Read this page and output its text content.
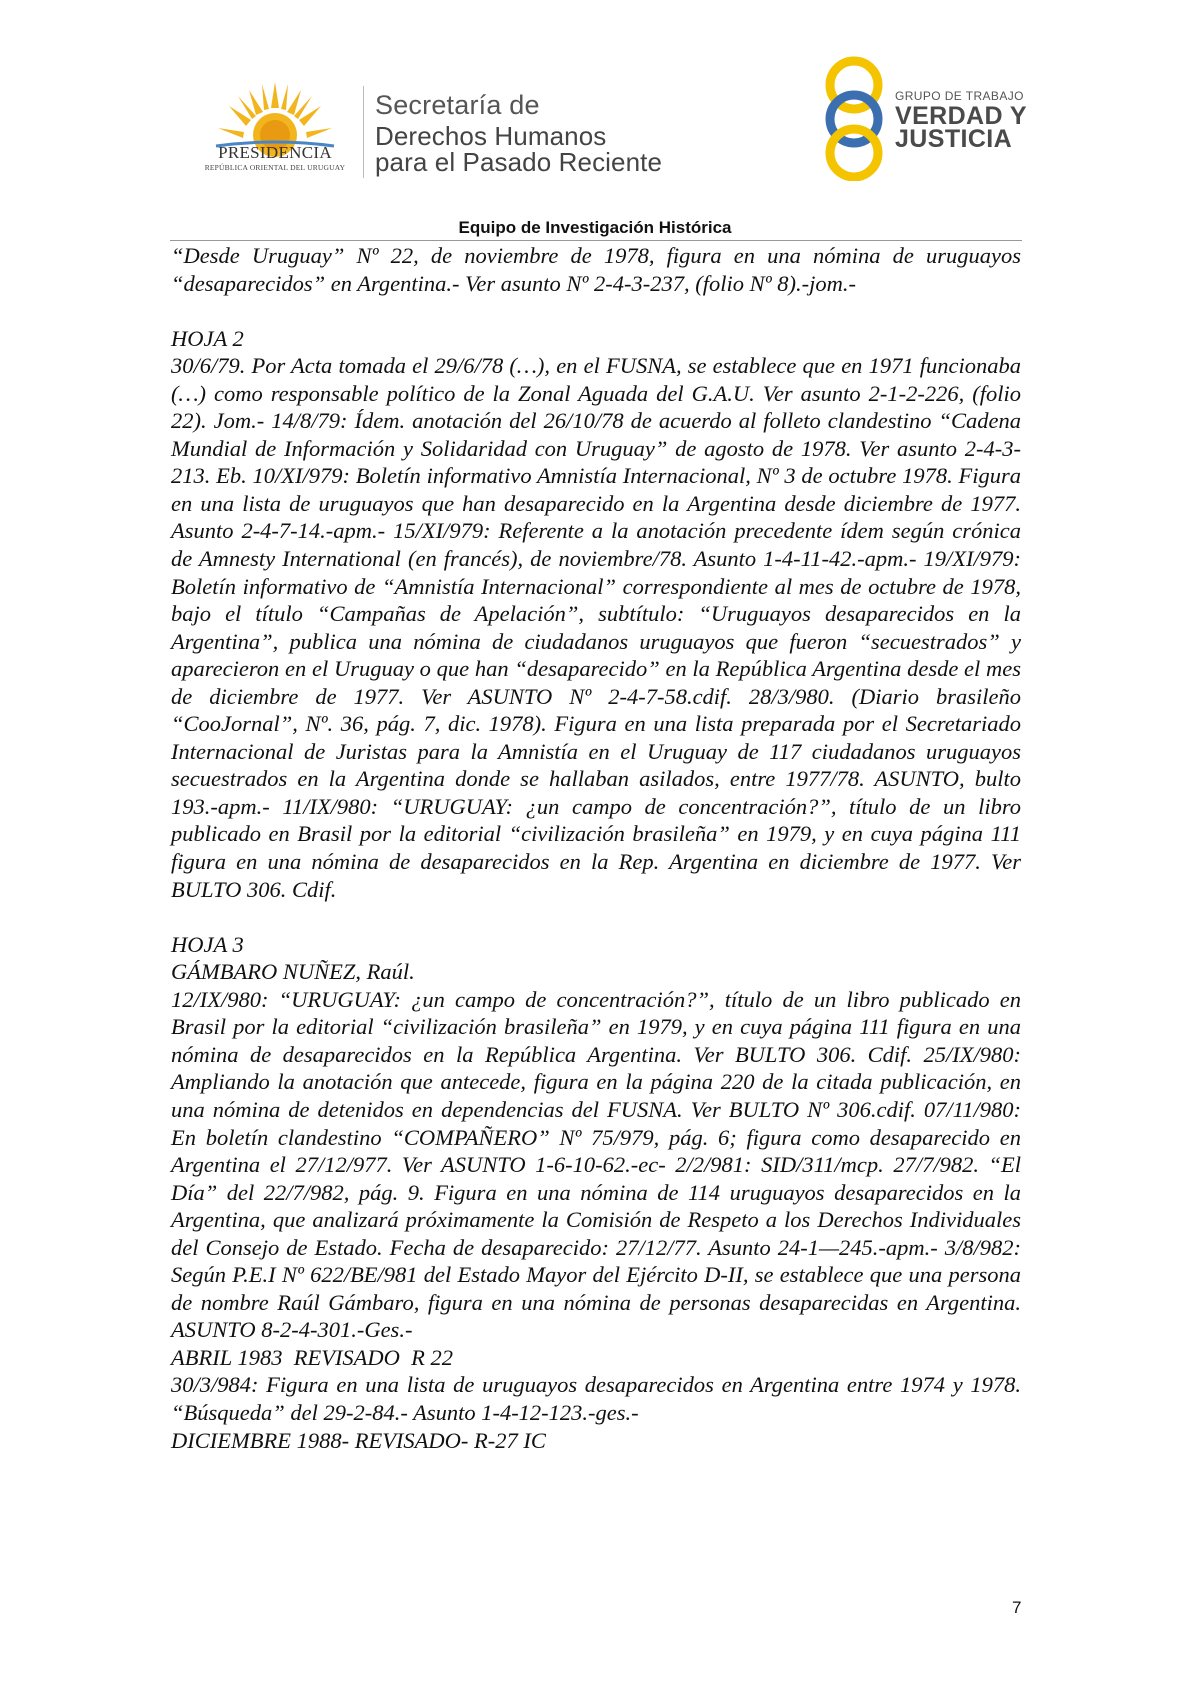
PRESIDENCIA
REPÚBLICA ORIENTAL DEL URUGUAY
Secretaría de
Derechos Humanos
para el Pasado Reciente
GRUPO DE TRABAJO
VERDAD Y
JUSTICIA
Equipo de Investigación Histórica

“Desde Uruguay” Nº 22, de noviembre de 1978, figura en una nómina de uruguayos “desaparecidos” en Argentina.- Ver asunto Nº 2-4-3-237, (folio Nº 8).-jom.-

HOJA 2

30/6/79. Por Acta tomada el 29/6/78 (…), en el FUSNA, se establece que en 1971 funcionaba (…) como responsable político de la Zonal Aguada del G.A.U. Ver asunto 2-1-2-226, (folio 22). Jom.- 14/8/79: Ídem. anotación del 26/10/78 de acuerdo al folleto clandestino “Cadena Mundial de Información y Solidaridad con Uruguay” de agosto de 1978. Ver asunto 2-4-3-213. Eb. 10/XI/979: Boletín informativo Amnistía Internacional, Nº 3 de octubre 1978. Figura en una lista de uruguayos que han desaparecido en la Argentina desde diciembre de 1977. Asunto 2-4-7-14.-apm.- 15/XI/979: Referente a la anotación precedente ídem según crónica de Amnesty International (en francés), de noviembre/78. Asunto 1-4-11-42.-apm.- 19/XI/979: Boletín informativo de “Amnistía Internacional” correspondiente al mes de octubre de 1978, bajo el título “Campañas de Apelación”, subtítulo: “Uruguayos desaparecidos en la Argentina”, publica una nómina de ciudadanos uruguayos que fueron “secuestrados” y aparecieron en el Uruguay o que han “desaparecido” en la República Argentina desde el mes de diciembre de 1977. Ver ASUNTO Nº 2-4-7-58.cdif. 28/3/980. (Diario brasileño “CooJornal”, Nº. 36, pág. 7, dic. 1978). Figura en una lista preparada por el Secretariado Internacional de Juristas para la Amnistía en el Uruguay de 117 ciudadanos uruguayos secuestrados en la Argentina donde se hallaban asilados, entre 1977/78. ASUNTO, bulto 193.-apm.- 11/IX/980: “URUGUAY: ¿un campo de concentración?”, título de un libro publicado en Brasil por la editorial “civilización brasileña” en 1979, y en cuya página 111 figura en una nómina de desaparecidos en la Rep. Argentina en diciembre de 1977. Ver BULTO 306. Cdif.

HOJA 3

GÁMBARO NUÑEZ, Raúl.

12/IX/980: “URUGUAY: ¿un campo de concentración?”, título de un libro publicado en Brasil por la editorial “civilización brasileña” en 1979, y en cuya página 111 figura en una nómina de desaparecidos en la República Argentina. Ver BULTO 306. Cdif. 25/IX/980: Ampliando la anotación que antecede, figura en la página 220 de la citada publicación, en una nómina de detenidos en dependencias del FUSNA. Ver BULTO Nº 306.cdif. 07/11/980: En boletín clandestino “COMPAÑERO” Nº 75/979, pág. 6; figura como desaparecido en Argentina el 27/12/977. Ver ASUNTO 1-6-10-62.-ec- 2/2/981: SID/311/mcp. 27/7/982. “El Día” del 22/7/982, pág. 9. Figura en una nómina de 114 uruguayos desaparecidos en la Argentina, que analizará próximamente la Comisión de Respeto a los Derechos Individuales del Consejo de Estado. Fecha de desaparecido: 27/12/77. Asunto 24-1—245.-apm.- 3/8/982: Según P.E.I Nº 622/BE/981 del Estado Mayor del Ejército D-II, se establece que una persona de nombre Raúl Gámbaro, figura en una nómina de personas desaparecidas en Argentina. ASUNTO 8-2-4-301.-Ges.-

ABRIL 1983  REVISADO  R 22

30/3/984: Figura en una lista de uruguayos desaparecidos en Argentina entre 1974 y 1978. “Búsqueda” del 29-2-84.- Asunto 1-4-12-123.-ges.-

DICIEMBRE 1988- REVISADO- R-27 IC

7
